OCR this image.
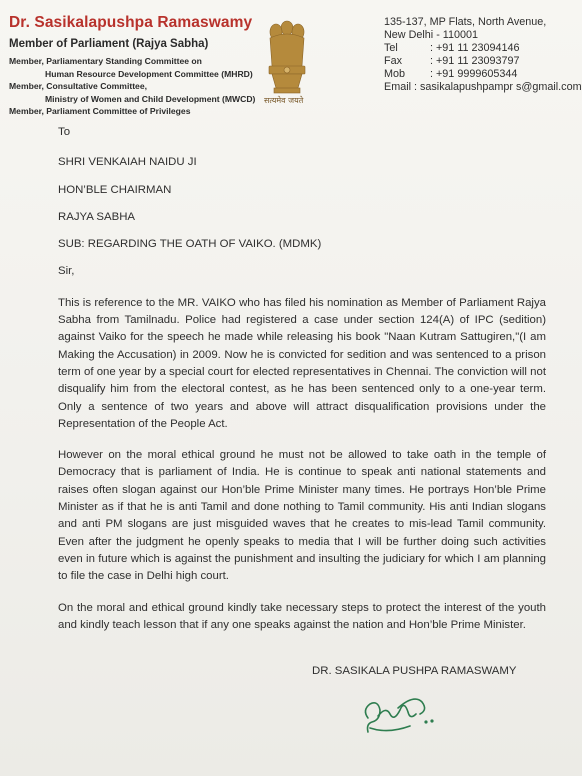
Dr. Sasikalapushpa Ramaswamy
Member of Parliament (Rajya Sabha)
Member, Parliamentary Standing Committee on
Human Resource Development Committee (MHRD)
Member, Consultative Committee,
Ministry of Women and Child Development (MWCD)
Member, Parliament Committee of Privileges
सत्यमेव जयते
135-137, MP Flats, North Avenue,
New Delhi - 110001
Tel	: +91 11 23094146
Fax	: +91 11 23093797
Mob	: +91 9999605344
Email : sasikalapushpampr s@gmail.com

To

SHRI VENKAIAH NAIDU JI

HON’BLE CHAIRMAN

RAJYA SABHA

SUB: REGARDING THE OATH OF VAIKO. (MDMK)

Sir,

This is reference to the MR. VAIKO who has filed his nomination as Member of Parliament Rajya Sabha from Tamilnadu. Police had registered a case under section 124(A) of IPC (sedition) against Vaiko for the speech he made while releasing his book "Naan Kutram Sattugiren,"(I am Making the Accusation) in 2009. Now he is convicted for sedition and was sentenced to a prison term of one year by a special court for elected representatives in Chennai. The conviction will not disqualify him from the electoral contest, as he has been sentenced only to a one-year term. Only a sentence of two years and above will attract disqualification provisions under the Representation of the People Act.

However on the moral ethical ground he must not be allowed to take oath in the temple of Democracy that is parliament of India. He is continue to speak anti national statements and raises often slogan against our Hon’ble Prime Minister many times. He portrays Hon’ble Prime Minister as if that he is anti Tamil and done nothing to Tamil community. His anti Indian slogans and anti PM slogans are just misguided waves that he creates to mis-lead Tamil community. Even after the judgment he openly speaks to media that I will be further doing such activities even in future which is against the punishment and insulting the judiciary for which I am planning to file the case in Delhi high court.

On the moral and ethical ground kindly take necessary steps to protect the interest of the youth and kindly teach lesson that if any one speaks against the nation and Hon’ble Prime Minister.

DR. SASIKALA PUSHPA RAMASWAMY
